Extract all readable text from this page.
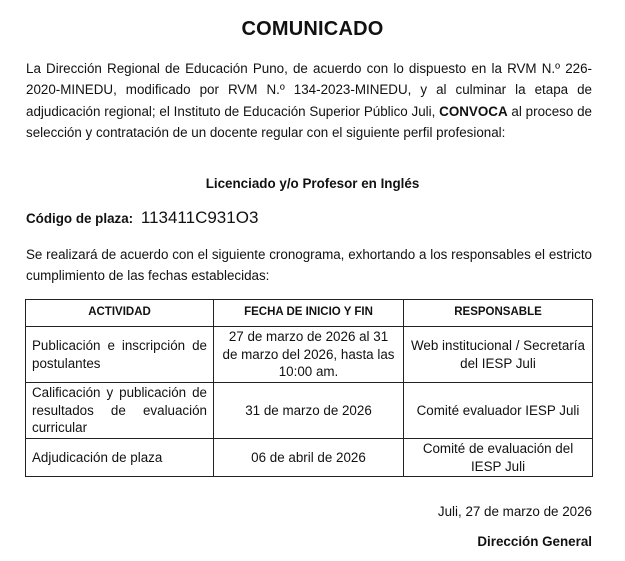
COMUNICADO
La Dirección Regional de Educación Puno, de acuerdo con lo dispuesto en la RVM N.º 226-2020-MINEDU, modificado por RVM N.º 134-2023-MINEDU, y al culminar la etapa de adjudicación regional; el Instituto de Educación Superior Público Juli, CONVOCA al proceso de selección y contratación de un docente regular con el siguiente perfil profesional:
Licenciado y/o Profesor en Inglés
Código de plaza: 113411C931O3
Se realizará de acuerdo con el siguiente cronograma, exhortando a los responsables el estricto cumplimiento de las fechas establecidas:
ACTIVIDAD	FECHA DE INICIO Y FIN	RESPONSABLE
Publicación e inscripción de postulantes	27 de marzo de 2026 al 31 de marzo del 2026, hasta las 10:00 am.	Web institucional / Secretaría del IESP Juli
Calificación y publicación de resultados de evaluación curricular	31 de marzo de 2026	Comité evaluador IESP Juli
Adjudicación de plaza	06 de abril de 2026	Comité de evaluación del IESP Juli
Juli, 27 de marzo de 2026
Dirección General
